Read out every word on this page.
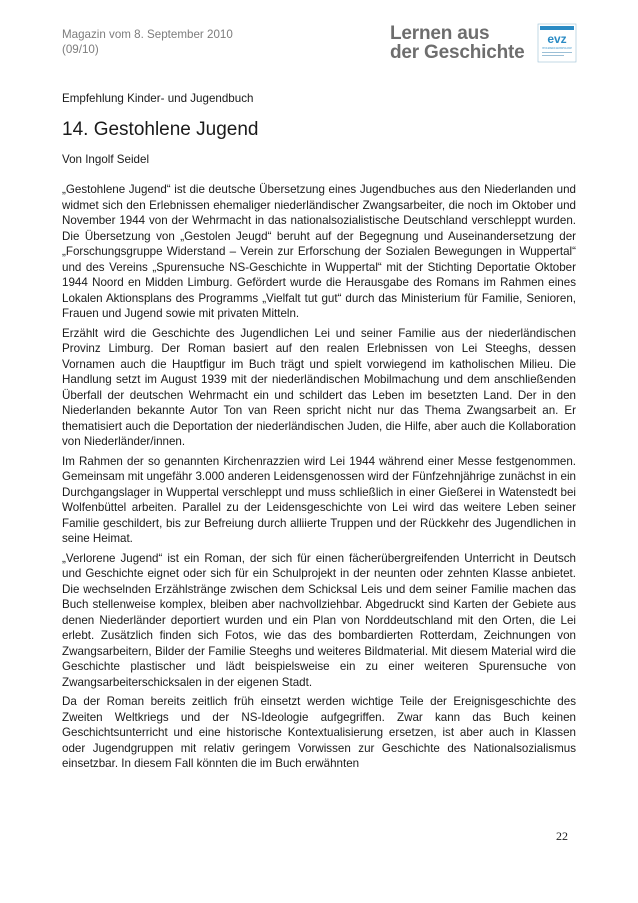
Magazin vom 8. September 2010
(09/10)
Lernen aus
der Geschichte
evz
STIFTUNG ERINNERUNG VERANTWORTUNG ZUKUNFT
Empfehlung Kinder- und Jugendbuch
14. Gestohlene Jugend
Von Ingolf Seidel

„Gestohlene Jugend“ ist die deutsche Übersetzung eines Jugendbuches aus den Niederlanden und widmet sich den Erlebnissen ehemaliger niederländischer Zwangsarbeiter, die noch im Oktober und November 1944 von der Wehrmacht in das nationalsozialistische Deutschland verschleppt wurden. Die Übersetzung von „Gestolen Jeugd“ beruht auf der Begegnung und Auseinandersetzung der „Forschungsgruppe Widerstand – Verein zur Erforschung der Sozialen Bewegungen in Wuppertal“ und des Vereins „Spurensuche NS-Geschichte in Wuppertal“ mit der Stichting Deportatie Oktober 1944 Noord en Midden Limburg. Gefördert wurde die Herausgabe des Romans im Rahmen eines Lokalen Aktionsplans des Programms „Vielfalt tut gut“ durch das Ministerium für Familie, Senioren, Frauen und Jugend sowie mit privaten Mitteln.

Erzählt wird die Geschichte des Jugendlichen Lei und seiner Familie aus der niederländischen Provinz Limburg. Der Roman basiert auf den realen Erlebnissen von Lei Steeghs, dessen Vornamen auch die Hauptfigur im Buch trägt und spielt vorwiegend im katholischen Milieu. Die Handlung setzt im August 1939 mit der niederländischen Mobilmachung und dem anschließenden Überfall der deutschen Wehrmacht ein und schildert das Leben im besetzten Land. Der in den Niederlanden bekannte Autor Ton van Reen spricht nicht nur das Thema Zwangsarbeit an. Er thematisiert auch die Deportation der niederländischen Juden, die Hilfe, aber auch die Kollaboration von Niederländer/innen.

Im Rahmen der so genannten Kirchenrazzien wird Lei 1944 während einer Messe festgenommen. Gemeinsam mit ungefähr 3.000 anderen Leidensgenossen wird der Fünfzehnjährige zunächst in ein Durchgangslager in Wuppertal verschleppt und muss schließlich in einer Gießerei in Watenstedt bei Wolfenbüttel arbeiten. Parallel zu der Leidensgeschichte von Lei wird das weitere Leben seiner Familie geschildert, bis zur Befreiung durch alliierte Truppen und der Rückkehr des Jugendlichen in seine Heimat.

„Verlorene Jugend“ ist ein Roman, der sich für einen fächerübergreifenden Unterricht in Deutsch und Geschichte eignet oder sich für ein Schulprojekt in der neunten oder zehnten Klasse anbietet. Die wechselnden Erzählstränge zwischen dem Schicksal Leis und dem seiner Familie machen das Buch stellenweise komplex, bleiben aber nachvollziehbar. Abgedruckt sind Karten der Gebiete aus denen Niederländer deportiert wurden und ein Plan von Norddeutschland mit den Orten, die Lei erlebt. Zusätzlich finden sich Fotos, wie das des bombardierten Rotterdam, Zeichnungen von Zwangsarbeitern, Bilder der Familie Steeghs und weiteres Bildmaterial. Mit diesem Material wird die Geschichte plastischer und lädt beispielsweise ein zu einer weiteren Spurensuche von Zwangsarbeiterschicksalen in der eigenen Stadt.

Da der Roman bereits zeitlich früh einsetzt werden wichtige Teile der Ereignisgeschichte des Zweiten Weltkriegs und der NS-Ideologie aufgegriffen. Zwar kann das Buch keinen Geschichtsunterricht und eine historische Kontextualisierung ersetzen, ist aber auch in Klassen oder Jugendgruppen mit relativ geringem Vorwissen zur Geschichte des Nationalsozialismus einsetzbar. In diesem Fall könnten die im Buch erwähnten

22
